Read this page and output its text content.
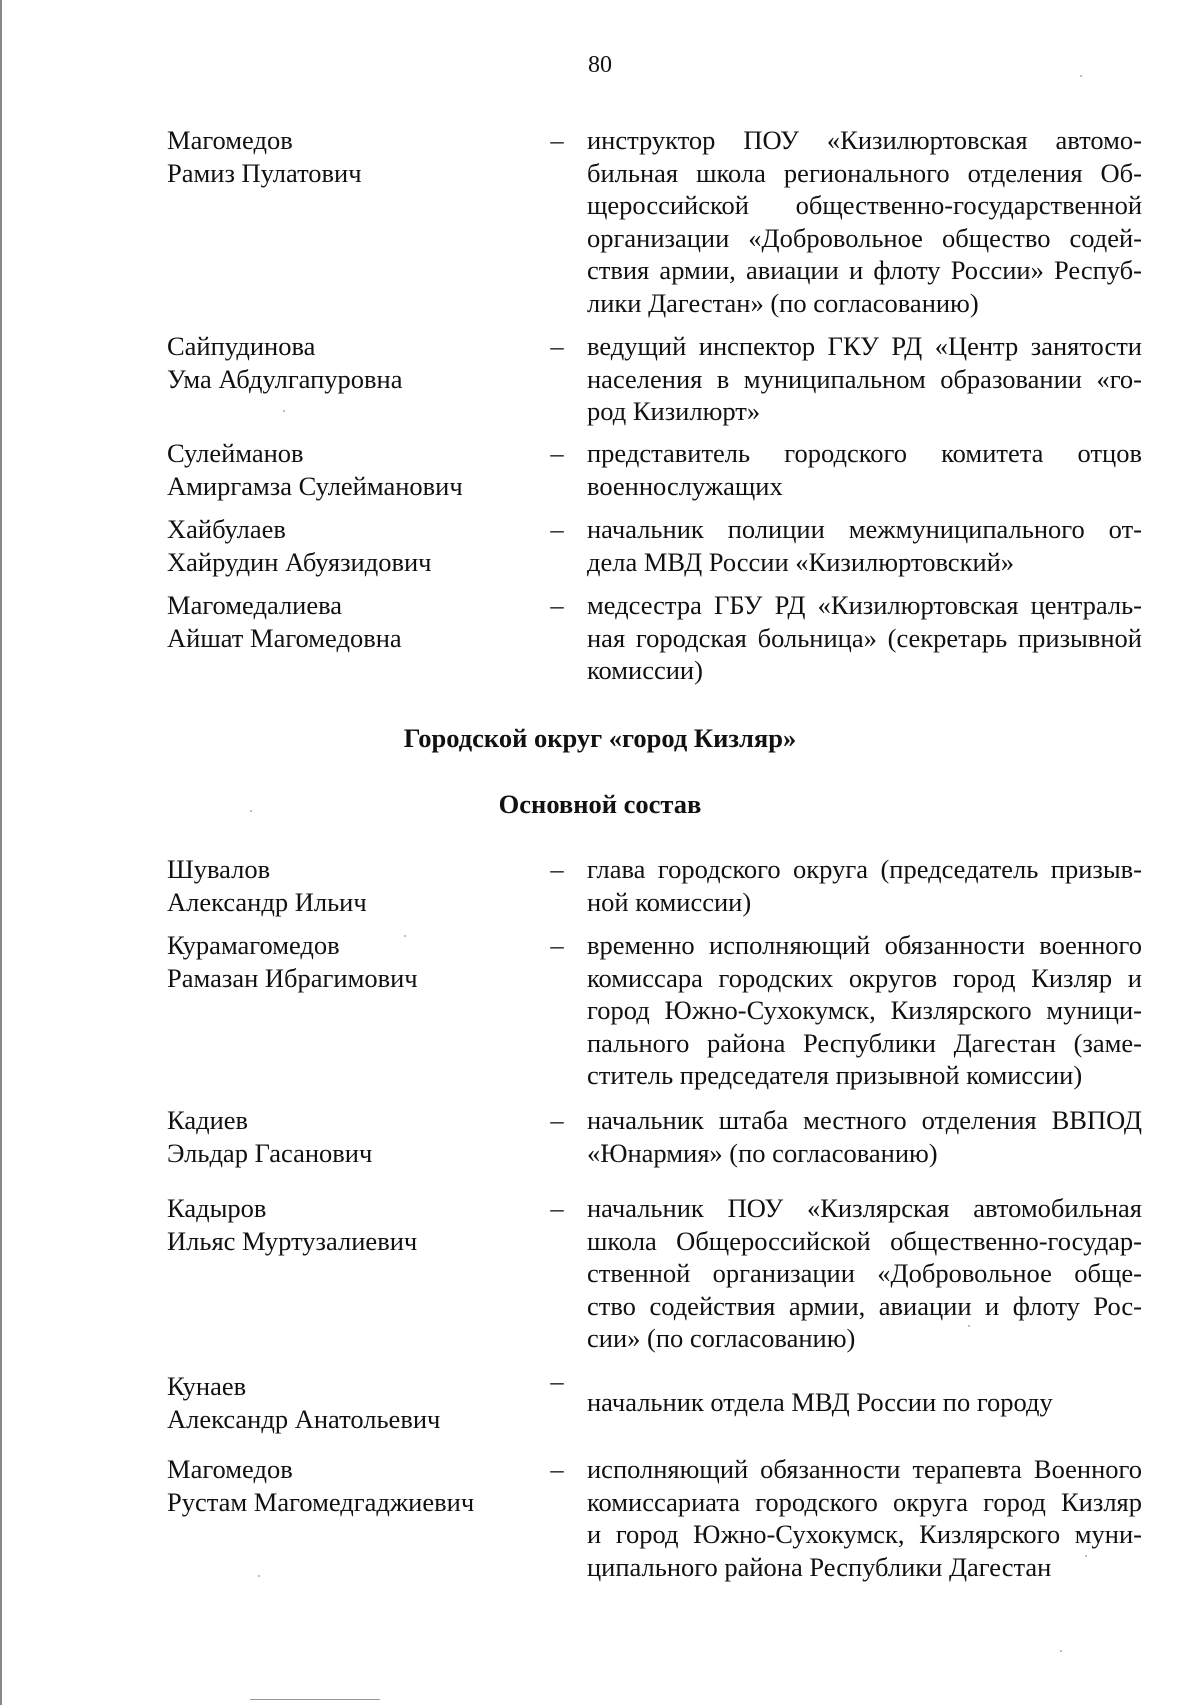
80
Магомедов
Рамиз Пулатович
– инструктор ПОУ «Кизилюртовская автомо-
бильная школа регионального отделения Об-
щероссийской общественно-государственной
организации «Добровольное общество содей-
ствия армии, авиации и флоту России» Респуб-
лики Дагестан» (по согласованию)
Сайпудинова
Ума Абдулгапуровна
– ведущий инспектор ГКУ РД «Центр занятости
населения в муниципальном образовании «го-
род Кизилюрт»
Сулейманов
Амиргамза Сулейманович
– представитель городского комитета отцов
военнослужащих
Хайбулаев
Хайрудин Абуязидович
– начальник полиции межмуниципального от-
дела МВД России «Кизилюртовский»
Магомедалиева
Айшат Магомедовна
– медсестра ГБУ РД «Кизилюртовская централь-
ная городская больница» (секретарь призывной
комиссии)
Городской округ «город Кизляр»
Основной состав
Шувалов
Александр Ильич
– глава городского округа (председатель призыв-
ной комиссии)
Курамагомедов
Рамазан Ибрагимович
– временно исполняющий обязанности военного
комиссара городских округов город Кизляр и
город Южно-Сухокумск, Кизлярского муници-
пального района Республики Дагестан (заме-
ститель председателя призывной комиссии)
Кадиев
Эльдар Гасанович
– начальник штаба местного отделения ВВПОД
«Юнармия» (по согласованию)
Кадыров
Ильяс Муртузалиевич
– начальник ПОУ «Кизлярская автомобильная
школа Общероссийской общественно-государ-
ственной организации «Добровольное обще-
ство содействия армии, авиации и флоту Рос-
сии» (по согласованию)
Кунаев
Александр Анатольевич
–
начальник отдела МВД России по городу
Магомедов
Рустам Магомедгаджиевич
– исполняющий обязанности терапевта Военного
комиссариата городского округа город Кизляр
и город Южно-Сухокумск, Кизлярского муни-
ципального района Республики Дагестан
